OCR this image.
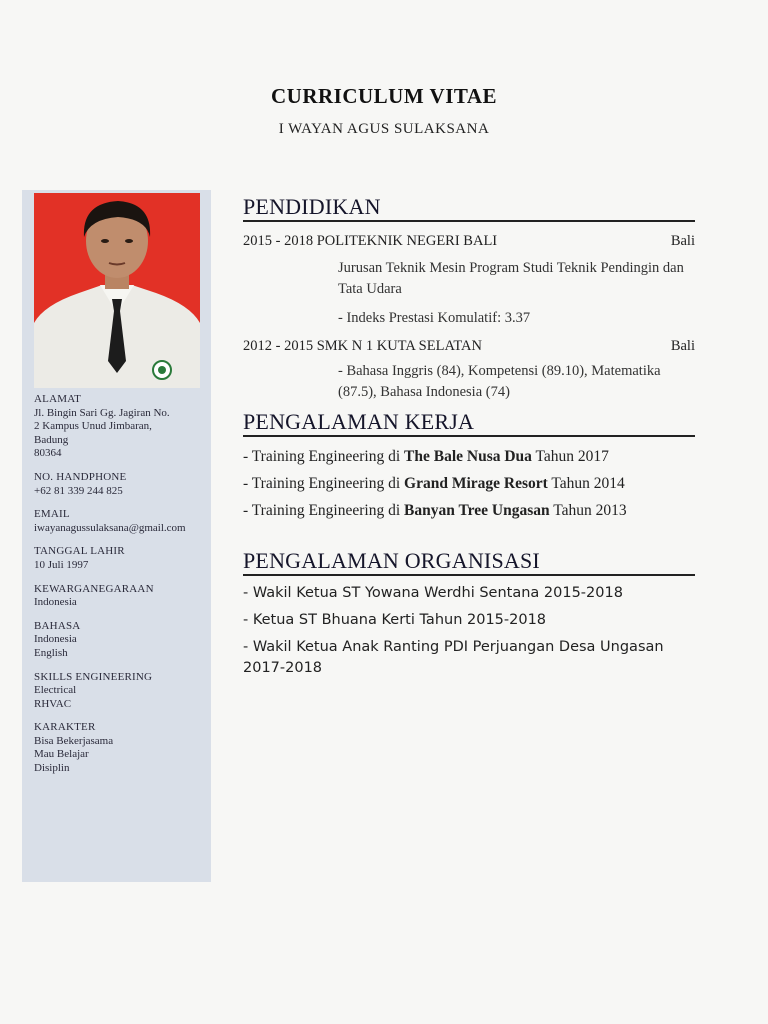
CURRICULUM VITAE
I WAYAN AGUS SULAKSANA
ALAMAT
Jl. Bingin Sari Gg. Jagiran No.
2 Kampus Unud Jimbaran,
Badung
80364
NO. HANDPHONE
+62 81 339 244 825
EMAIL
iwayanagussulaksana@gmail.com
TANGGAL LAHIR
10 Juli 1997
KEWARGANEGARAAN
Indonesia
BAHASA
Indonesia
English
SKILLS ENGINEERING
Electrical
RHVAC
KARAKTER
Bisa Bekerjasama
Mau Belajar
Disiplin
PENDIDIKAN
2015 - 2018 POLITEKNIK NEGERI BALI	Bali
Jurusan Teknik Mesin Program Studi Teknik Pendingin dan Tata Udara
- Indeks Prestasi Komulatif: 3.37
2012 - 2015 SMK N 1 KUTA SELATAN	Bali
- Bahasa Inggris (84), Kompetensi (89.10), Matematika (87.5), Bahasa Indonesia (74)
PENGALAMAN KERJA
- Training Engineering di The Bale Nusa Dua Tahun 2017
- Training Engineering di Grand Mirage Resort Tahun 2014
- Training Engineering di Banyan Tree Ungasan Tahun 2013
PENGALAMAN ORGANISASI
- Wakil Ketua ST Yowana Werdhi Sentana 2015-2018
- Ketua ST Bhuana Kerti Tahun 2015-2018
- Wakil Ketua Anak Ranting PDI Perjuangan Desa Ungasan 2017-2018
